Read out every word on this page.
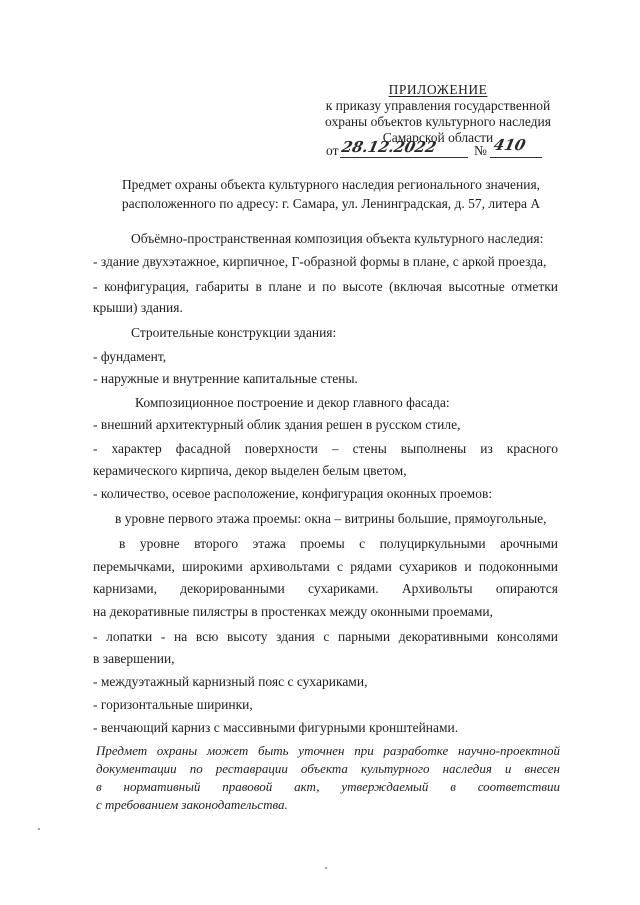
ПРИЛОЖЕНИЕ
к приказу управления государственной
охраны объектов культурного наследия
Самарской области
от 28.12.2022	№ 410
Предмет охраны объекта культурного наследия регионального значения,
расположенного по адресу: г. Самара, ул. Ленинградская, д. 57, литера А
Объёмно-пространственная композиция объекта культурного наследия:
- здание двухэтажное, кирпичное, Г-образной формы в плане, с аркой проезда,
- конфигурация, габариты в плане и по высоте (включая высотные отметки
крыши) здания.
Строительные конструкции здания:
- фундамент,
- наружные и внутренние капитальные стены.
Композиционное построение и декор главного фасада:
- внешний архитектурный облик здания решен в русском стиле,
- характер фасадной поверхности – стены выполнены из красного
керамического кирпича, декор выделен белым цветом,
- количество, осевое расположение, конфигурация оконных проемов:
в уровне первого этажа проемы: окна – витрины большие, прямоугольные,
в уровне второго этажа проемы с полуциркульными арочными
перемычками, широкими архивольтами с рядами сухариков и подоконными
карнизами, декорированными сухариками. Архивольты опираются
на декоративные пилястры в простенках между оконными проемами,
- лопатки - на всю высоту здания с парными декоративными консолями
в завершении,
- междуэтажный карнизный пояс с сухариками,
- горизонтальные ширинки,
- венчающий карниз с массивными фигурными кронштейнами.
Предмет охраны может быть уточнен при разработке научно-проектной
документации по реставрации объекта культурного наследия и внесен
в нормативный правовой акт, утверждаемый в соответствии
с требованием законодательства.
